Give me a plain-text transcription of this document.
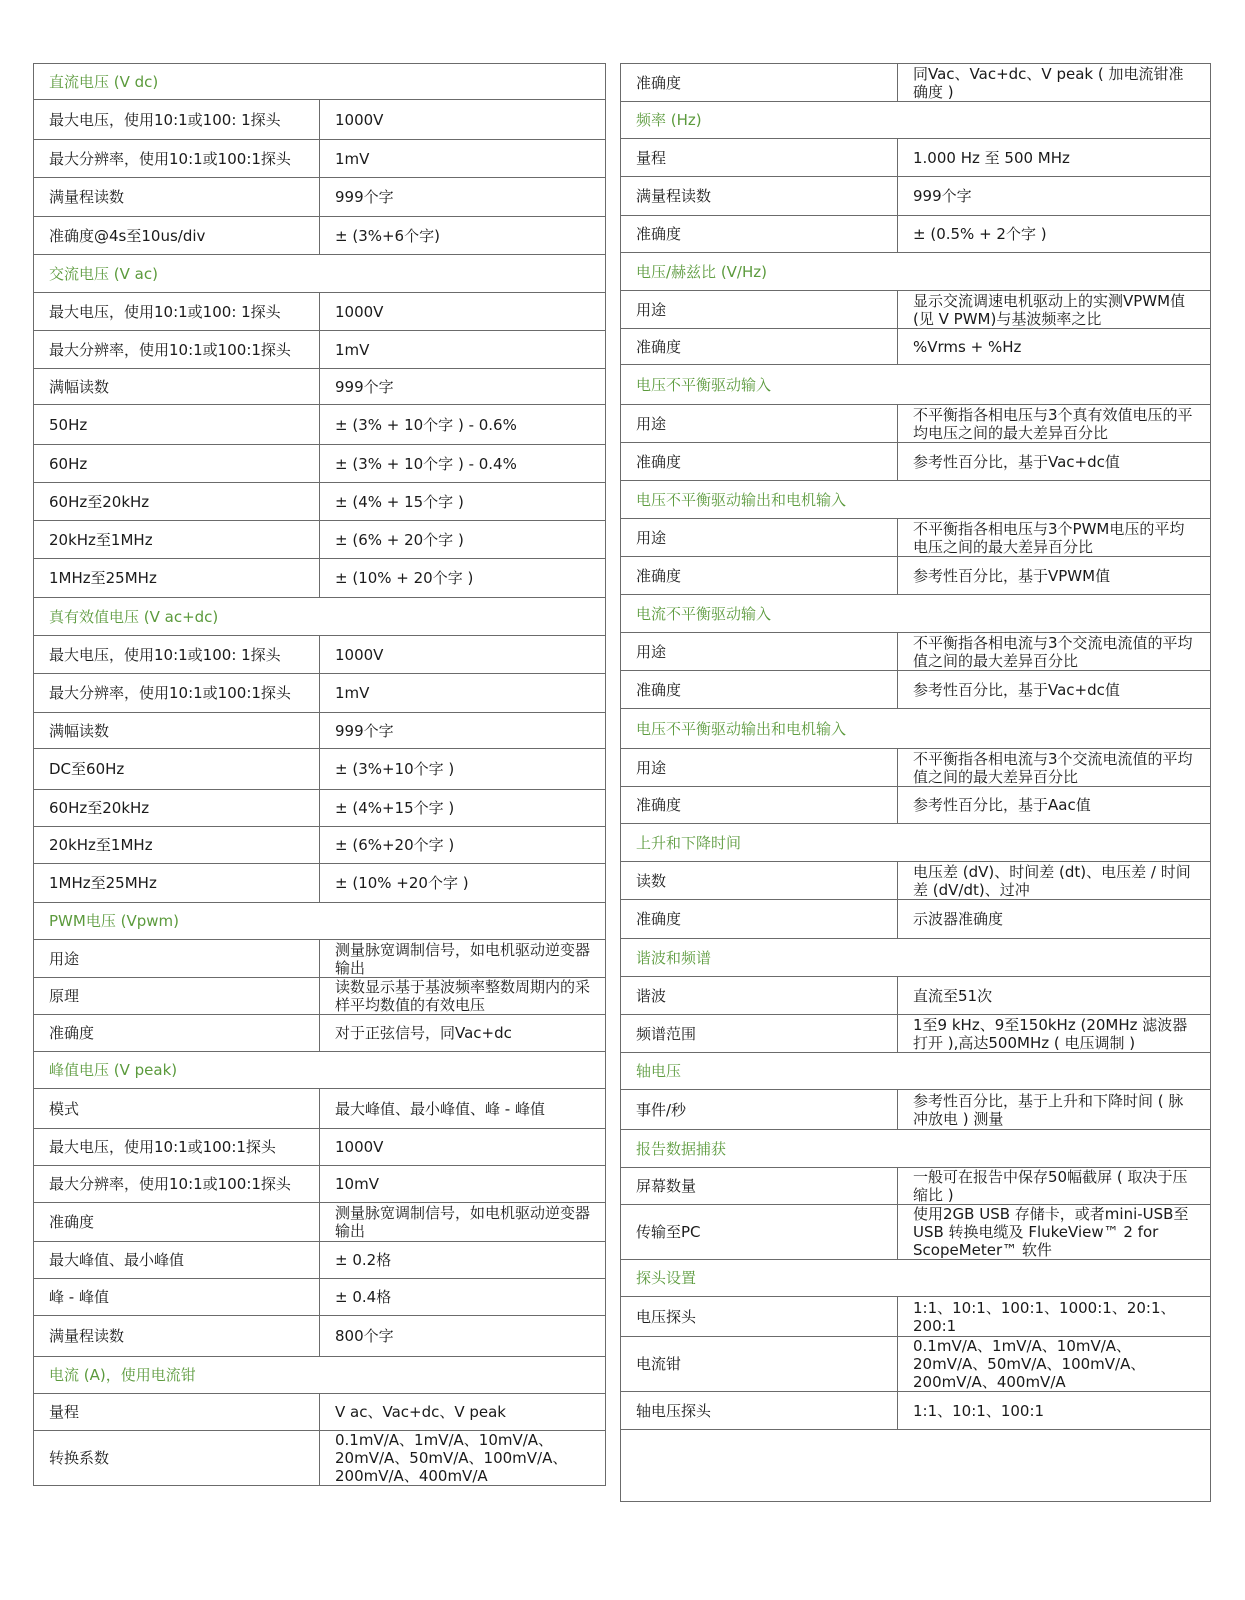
直流电压 (V dc)	
最大电压，使用10:1或100: 1探头	1000V
最大分辨率，使用10:1或100:1探头	1mV
满量程读数	999个字
准确度@4s至10us/div	± (3%+6个字)
交流电压 (V ac)	
最大电压，使用10:1或100: 1探头	1000V
最大分辨率，使用10:1或100:1探头	1mV
满幅读数	999个字
50Hz	± (3% + 10个字 ) - 0.6%
60Hz	± (3% + 10个字 ) - 0.4%
60Hz至20kHz	± (4% + 15个字 )
20kHz至1MHz	± (6% + 20个字 )
1MHz至25MHz	± (10% + 20个字 )
真有效值电压 (V ac+dc)	
最大电压，使用10:1或100: 1探头	1000V
最大分辨率，使用10:1或100:1探头	1mV
满幅读数	999个字
DC至60Hz	± (3%+10个字 )
60Hz至20kHz	± (4%+15个字 )
20kHz至1MHz	± (6%+20个字 )
1MHz至25MHz	± (10% +20个字 )
PWM电压 (Vpwm)	
用途	测量脉宽调制信号，如电机驱动逆变器输出
原理	读数显示基于基波频率整数周期内的采样平均数值的有效电压
准确度	对于正弦信号，同Vac+dc
峰值电压 (V peak)	
模式	最大峰值、最小峰值、峰 - 峰值
最大电压，使用10:1或100:1探头	1000V
最大分辨率，使用10:1或100:1探头	10mV
准确度	测量脉宽调制信号，如电机驱动逆变器输出
最大峰值、最小峰值	± 0.2格
峰 - 峰值	± 0.4格
满量程读数	800个字
电流 (A)，使用电流钳	
量程	V ac、Vac+dc、V peak
转换系数	0.1mV/A、1mV/A、10mV/A、20mV/A、50mV/A、100mV/A、200mV/A、400mV/A
准确度	同Vac、Vac+dc、V peak ( 加电流钳准确度 )
频率 (Hz)	
量程	1.000 Hz 至 500 MHz
满量程读数	999个字
准确度	± (0.5% + 2个字 )
电压/赫兹比 (V/Hz)	
用途	显示交流调速电机驱动上的实测VPWM值(见 V PWM)与基波频率之比
准确度	%Vrms + %Hz
电压不平衡驱动输入	
用途	不平衡指各相电压与3个真有效值电压的平均电压之间的最大差异百分比
准确度	参考性百分比，基于Vac+dc值
电压不平衡驱动输出和电机输入	
用途	不平衡指各相电压与3个PWM电压的平均电压之间的最大差异百分比
准确度	参考性百分比，基于VPWM值
电流不平衡驱动输入	
用途	不平衡指各相电流与3个交流电流值的平均值之间的最大差异百分比
准确度	参考性百分比，基于Vac+dc值
电压不平衡驱动输出和电机输入	
用途	不平衡指各相电流与3个交流电流值的平均值之间的最大差异百分比
准确度	参考性百分比，基于Aac值
上升和下降时间	
读数	电压差 (dV)、时间差 (dt)、电压差 / 时间差 (dV/dt)、过冲
准确度	示波器准确度
谐波和频谱	
谐波	直流至51次
频谱范围	1至9 kHz、9至150kHz (20MHz 滤波器打开 ),高达500MHz ( 电压调制 )
轴电压	
事件/秒	参考性百分比，基于上升和下降时间 ( 脉冲放电 ) 测量
报告数据捕获	
屏幕数量	一般可在报告中保存50幅截屏 ( 取决于压缩比 )
传输至PC	使用2GB USB 存储卡，或者mini-USB至USB 转换电缆及 FlukeView™ 2 for ScopeMeter™ 软件
探头设置	
电压探头	1:1、10:1、100:1、1000:1、20:1、200:1
电流钳	0.1mV/A、1mV/A、10mV/A、20mV/A、50mV/A、100mV/A、200mV/A、400mV/A
轴电压探头	1:1、10:1、100:1
